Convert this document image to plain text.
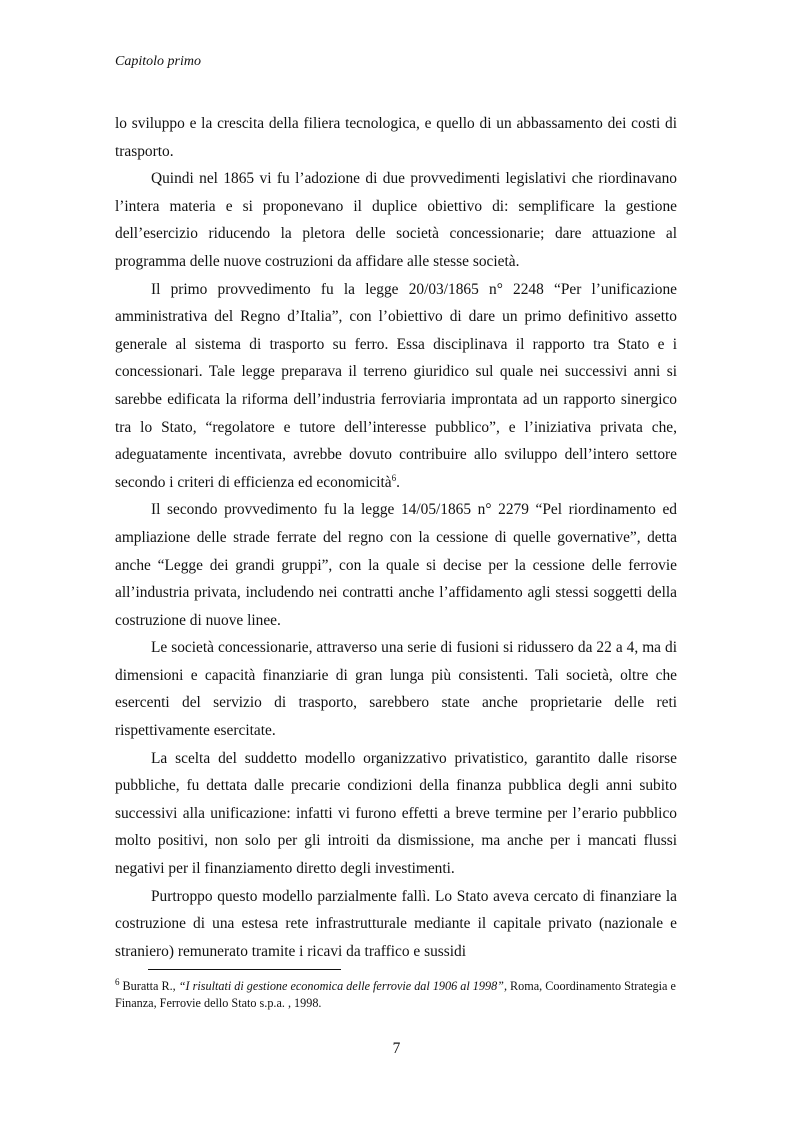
Capitolo primo

lo sviluppo e la crescita della filiera tecnologica, e quello di un abbassamento dei costi di trasporto.

Quindi nel 1865 vi fu l’adozione di due provvedimenti legislativi che riordinavano l’intera materia e si proponevano il duplice obiettivo di: semplificare la gestione dell’esercizio riducendo la pletora delle società concessionarie; dare attuazione al programma delle nuove costruzioni da affidare alle stesse società.

Il primo provvedimento fu la legge 20/03/1865 n° 2248 “Per l’unificazione amministrativa del Regno d’Italia”, con l’obiettivo di dare un primo definitivo assetto generale al sistema di trasporto su ferro. Essa disciplinava il rapporto tra Stato e i concessionari. Tale legge preparava il terreno giuridico sul quale nei successivi anni si sarebbe edificata la riforma dell’industria ferroviaria improntata ad un rapporto sinergico tra lo Stato, “regolatore e tutore dell’interesse pubblico”, e l’iniziativa privata che, adeguatamente incentivata, avrebbe dovuto contribuire allo sviluppo dell’intero settore secondo i criteri di efficienza ed economicità$^6$.

Il secondo provvedimento fu la legge 14/05/1865 n° 2279 “Pel riordinamento ed ampliazione delle strade ferrate del regno con la cessione di quelle governative”, detta anche “Legge dei grandi gruppi”, con la quale si decise per la cessione delle ferrovie all’industria privata, includendo nei contratti anche l’affidamento agli stessi soggetti della costruzione di nuove linee.

Le società concessionarie, attraverso una serie di fusioni si ridussero da 22 a 4, ma di dimensioni e capacità finanziarie di gran lunga più consistenti. Tali società, oltre che esercenti del servizio di trasporto, sarebbero state anche proprietarie delle reti rispettivamente esercitate.

La scelta del suddetto modello organizzativo privatistico, garantito dalle risorse pubbliche, fu dettata dalle precarie condizioni della finanza pubblica degli anni subito successivi alla unificazione: infatti vi furono effetti a breve termine per l’erario pubblico molto positivi, non solo per gli introiti da dismissione, ma anche per i mancati flussi negativi per il finanziamento diretto degli investimenti.

Purtroppo questo modello parzialmente fallì. Lo Stato aveva cercato di finanziare la costruzione di una estesa rete infrastrutturale mediante il capitale privato (nazionale e straniero) remunerato tramite i ricavi da traffico e sussidi

$^6$ Buratta R., “I risultati di gestione economica delle ferrovie dal 1906 al 1998”, Roma, Coordinamento Strategia e Finanza, Ferrovie dello Stato s.p.a. , 1998.

7
